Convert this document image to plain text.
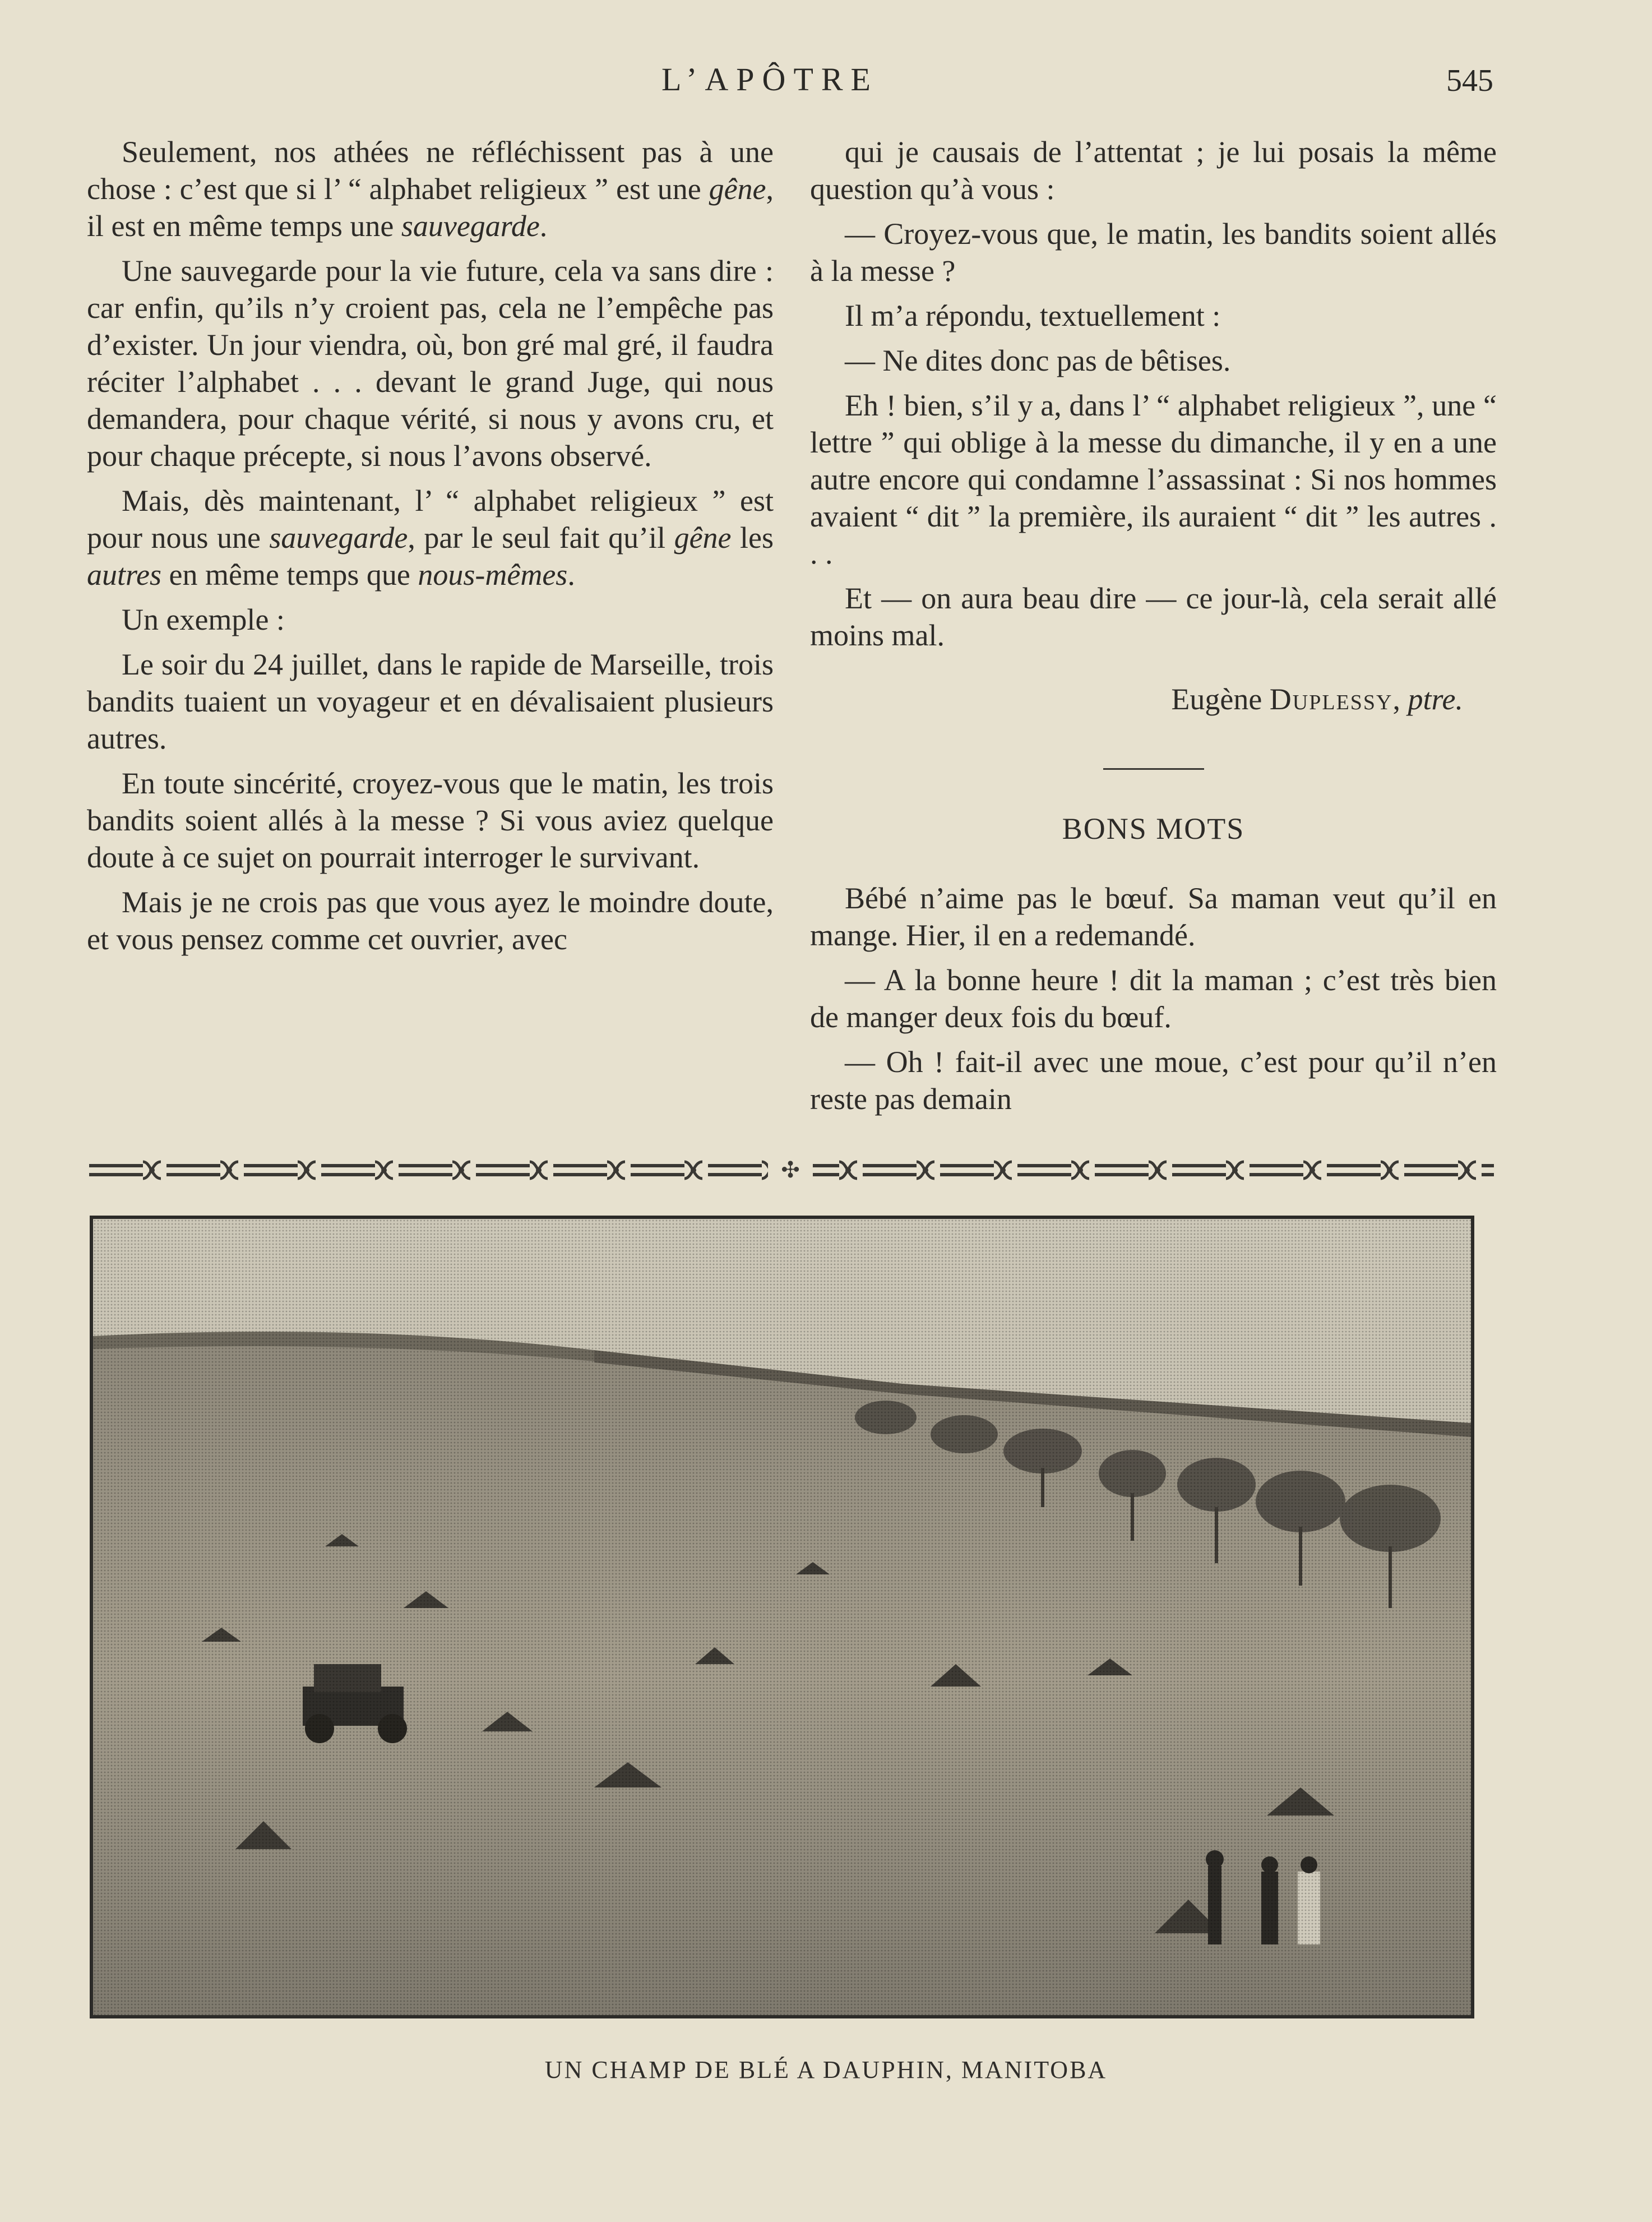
L’APÔTRE	545

Seulement, nos athées ne réfléchissent pas à une chose : c’est que si l’ “ alphabet religieux ” est une gêne, il est en même temps une sauvegarde.

Une sauvegarde pour la vie future, cela va sans dire : car enfin, qu’ils n’y croient pas, cela ne l’empêche pas d’exister. Un jour viendra, où, bon gré mal gré, il faudra réciter l’alphabet . . . devant le grand Juge, qui nous demandera, pour chaque vérité, si nous y avons cru, et pour chaque précepte, si nous l’avons observé.

Mais, dès maintenant, l’ “ alphabet religieux ” est pour nous une sauvegarde, par le seul fait qu’il gêne les autres en même temps que nous-mêmes.

Un exemple :

Le soir du 24 juillet, dans le rapide de Marseille, trois bandits tuaient un voyageur et en dévalisaient plusieurs autres.

En toute sincérité, croyez-vous que le matin, les trois bandits soient allés à la messe ? Si vous aviez quelque doute à ce sujet on pourrait interroger le survivant.

Mais je ne crois pas que vous ayez le moindre doute, et vous pensez comme cet ouvrier, avec

qui je causais de l’attentat ; je lui posais la même question qu’à vous :

— Croyez-vous que, le matin, les bandits soient allés à la messe ?

Il m’a répondu, textuellement :

— Ne dites donc pas de bêtises.

Eh ! bien, s’il y a, dans l’ “ alphabet religieux ”, une “ lettre ” qui oblige à la messe du dimanche, il y en a une autre encore qui condamne l’assassinat : Si nos hommes avaient “ dit ” la première, ils auraient “ dit ” les autres . . .

Et — on aura beau dire — ce jour-là, cela serait allé moins mal.

Eugène Duplessy, ptre.
BONS MOTS

Bébé n’aime pas le bœuf. Sa maman veut qu’il en mange. Hier, il en a redemandé.

— A la bonne heure ! dit la maman ; c’est très bien de manger deux fois du bœuf.

— Oh ! fait-il avec une moue, c’est pour qu’il n’en reste pas demain

✣
UN CHAMP DE BLÉ A DAUPHIN, MANITOBA
